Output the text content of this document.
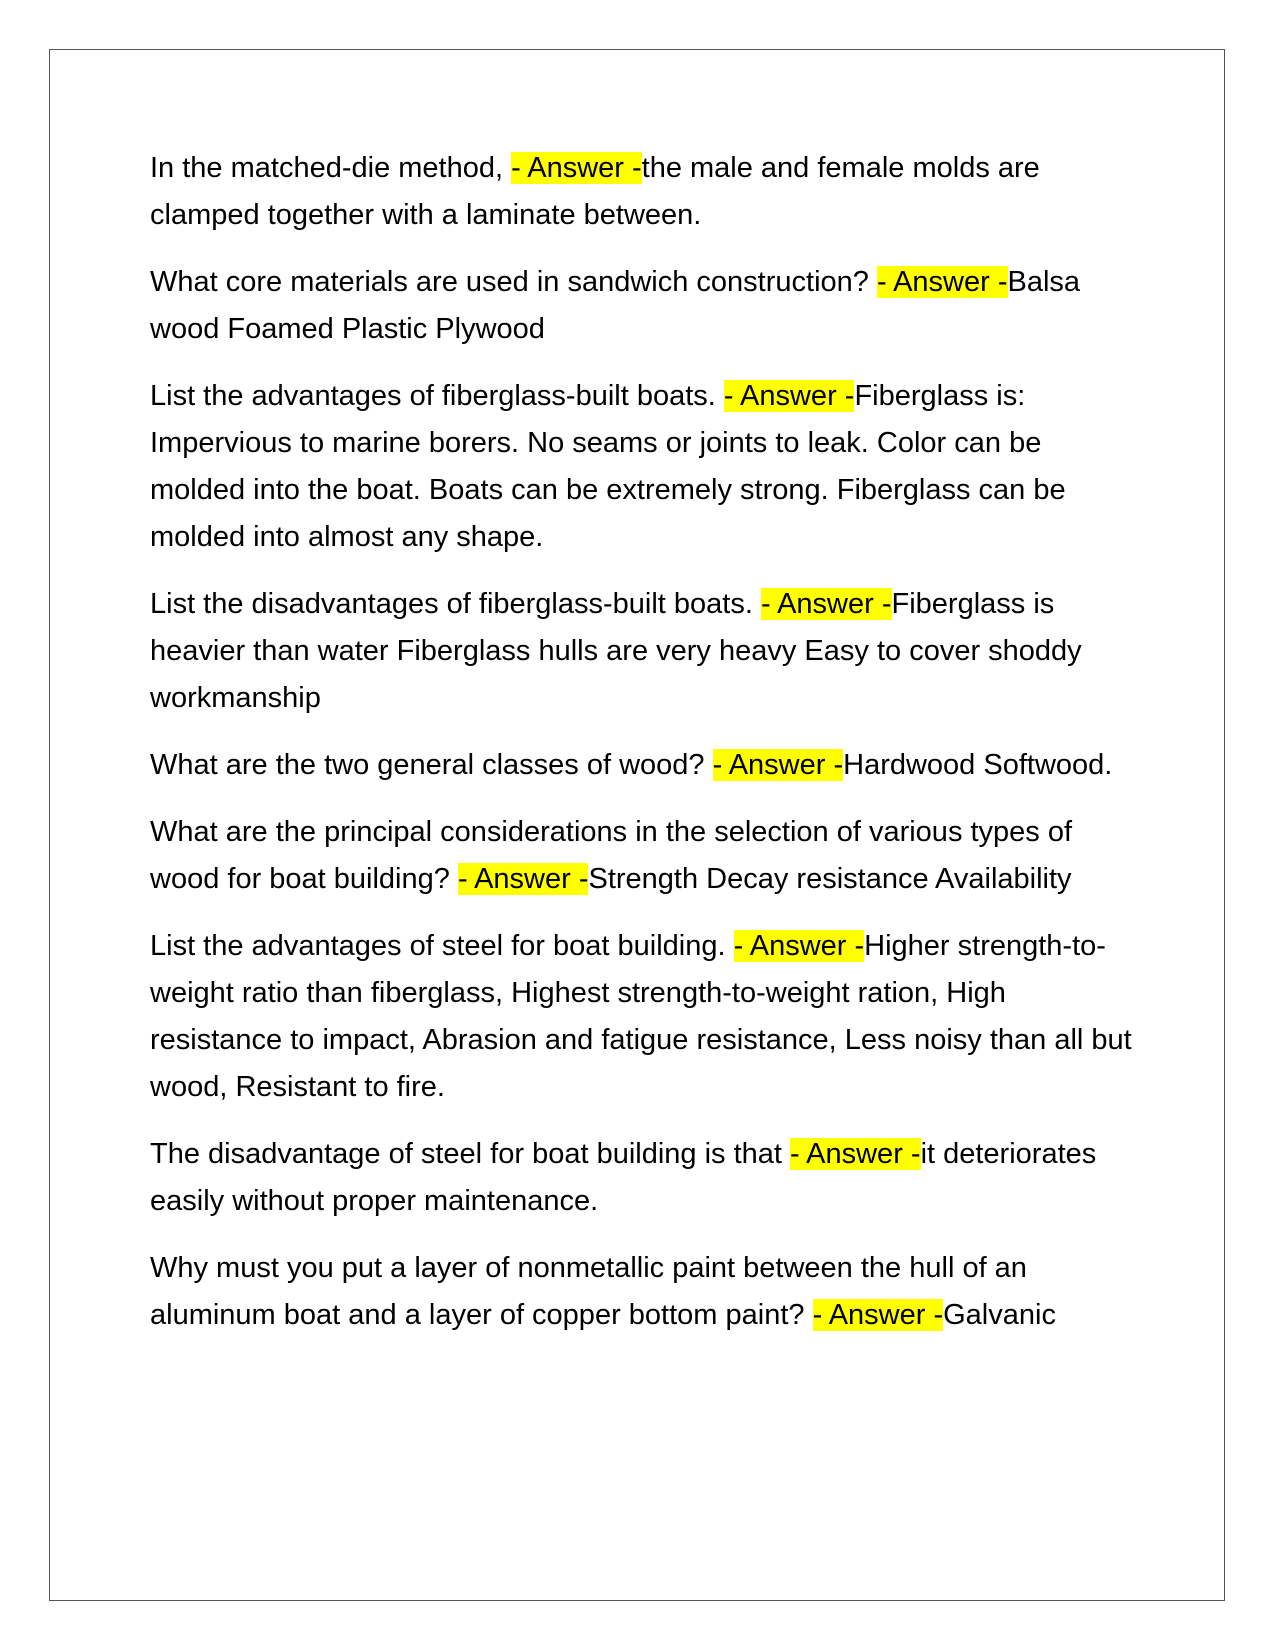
In the matched-die method, - Answer -the male and female molds are clamped together with a laminate between.

What core materials are used in sandwich construction? - Answer -Balsa wood Foamed Plastic Plywood

List the advantages of fiberglass-built boats. - Answer -Fiberglass is: Impervious to marine borers. No seams or joints to leak. Color can be molded into the boat. Boats can be extremely strong. Fiberglass can be molded into almost any shape.

List the disadvantages of fiberglass-built boats. - Answer -Fiberglass is heavier than water Fiberglass hulls are very heavy Easy to cover shoddy workmanship

What are the two general classes of wood? - Answer -Hardwood Softwood.

What are the principal considerations in the selection of various types of wood for boat building? - Answer -Strength Decay resistance Availability

List the advantages of steel for boat building. - Answer -Higher strength-to-weight ratio than fiberglass, Highest strength-to-weight ration, High resistance to impact, Abrasion and fatigue resistance, Less noisy than all but wood, Resistant to fire.

The disadvantage of steel for boat building is that - Answer -it deteriorates easily without proper maintenance.

Why must you put a layer of nonmetallic paint between the hull of an aluminum boat and a layer of copper bottom paint? - Answer -Galvanic
